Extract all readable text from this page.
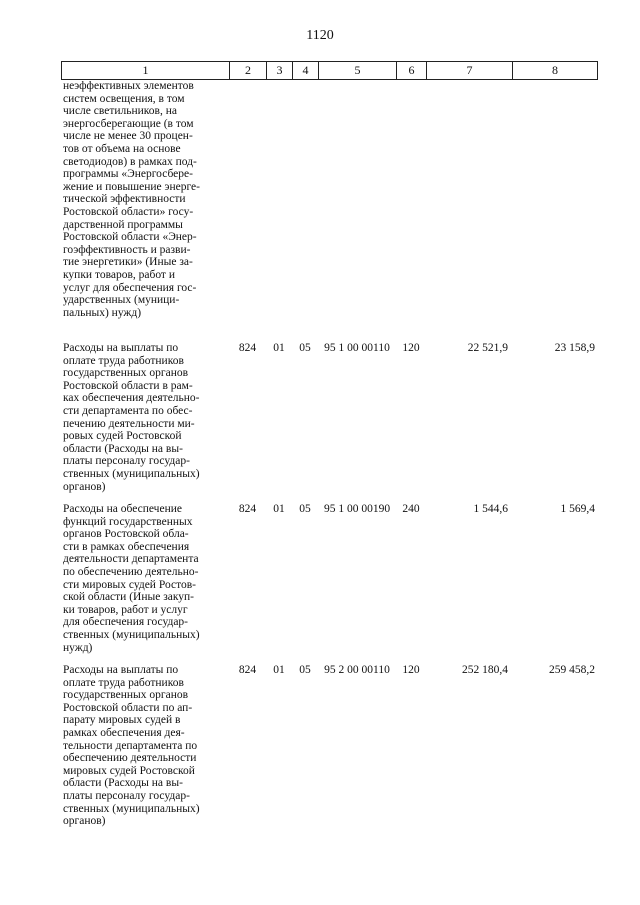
1120
1	2	3	4	5	6	7	8
неэффективных элементов
систем освещения, в том
числе светильников, на
энергосберегающие (в том
числе не менее 30 процен-
тов от объема на основе
светодиодов) в рамках под-
программы «Энергосбере-
жение и повышение энерге-
тической эффективности
Ростовской области» госу-
дарственной программы
Ростовской области «Энер-
гоэффективность и разви-
тие энергетики» (Иные за-
купки товаров, работ и
услуг для обеспечения гос-
ударственных (муници-
пальных) нужд)
Расходы на выплаты по
оплате труда работников
государственных органов
Ростовской области в рам-
ках обеспечения деятельно-
сти департамента по обес-
печению деятельности ми-
ровых судей Ростовской
области (Расходы на вы-
платы персоналу государ-
ственных (муниципальных)
органов)
824	01	05	95 1 00 00110	120	22 521,9	23 158,9
Расходы на обеспечение
функций государственных
органов Ростовской обла-
сти в рамках обеспечения
деятельности департамента
по обеспечению деятельно-
сти мировых судей Ростов-
ской области (Иные закуп-
ки товаров, работ и услуг
для обеспечения государ-
ственных (муниципальных)
нужд)
824	01	05	95 1 00 00190	240	1 544,6	1 569,4
Расходы на выплаты по
оплате труда работников
государственных органов
Ростовской области по ап-
парату мировых судей в
рамках обеспечения дея-
тельности департамента по
обеспечению деятельности
мировых судей Ростовской
области (Расходы на вы-
платы персоналу государ-
ственных (муниципальных)
органов)
824	01	05	95 2 00 00110	120	252 180,4	259 458,2
